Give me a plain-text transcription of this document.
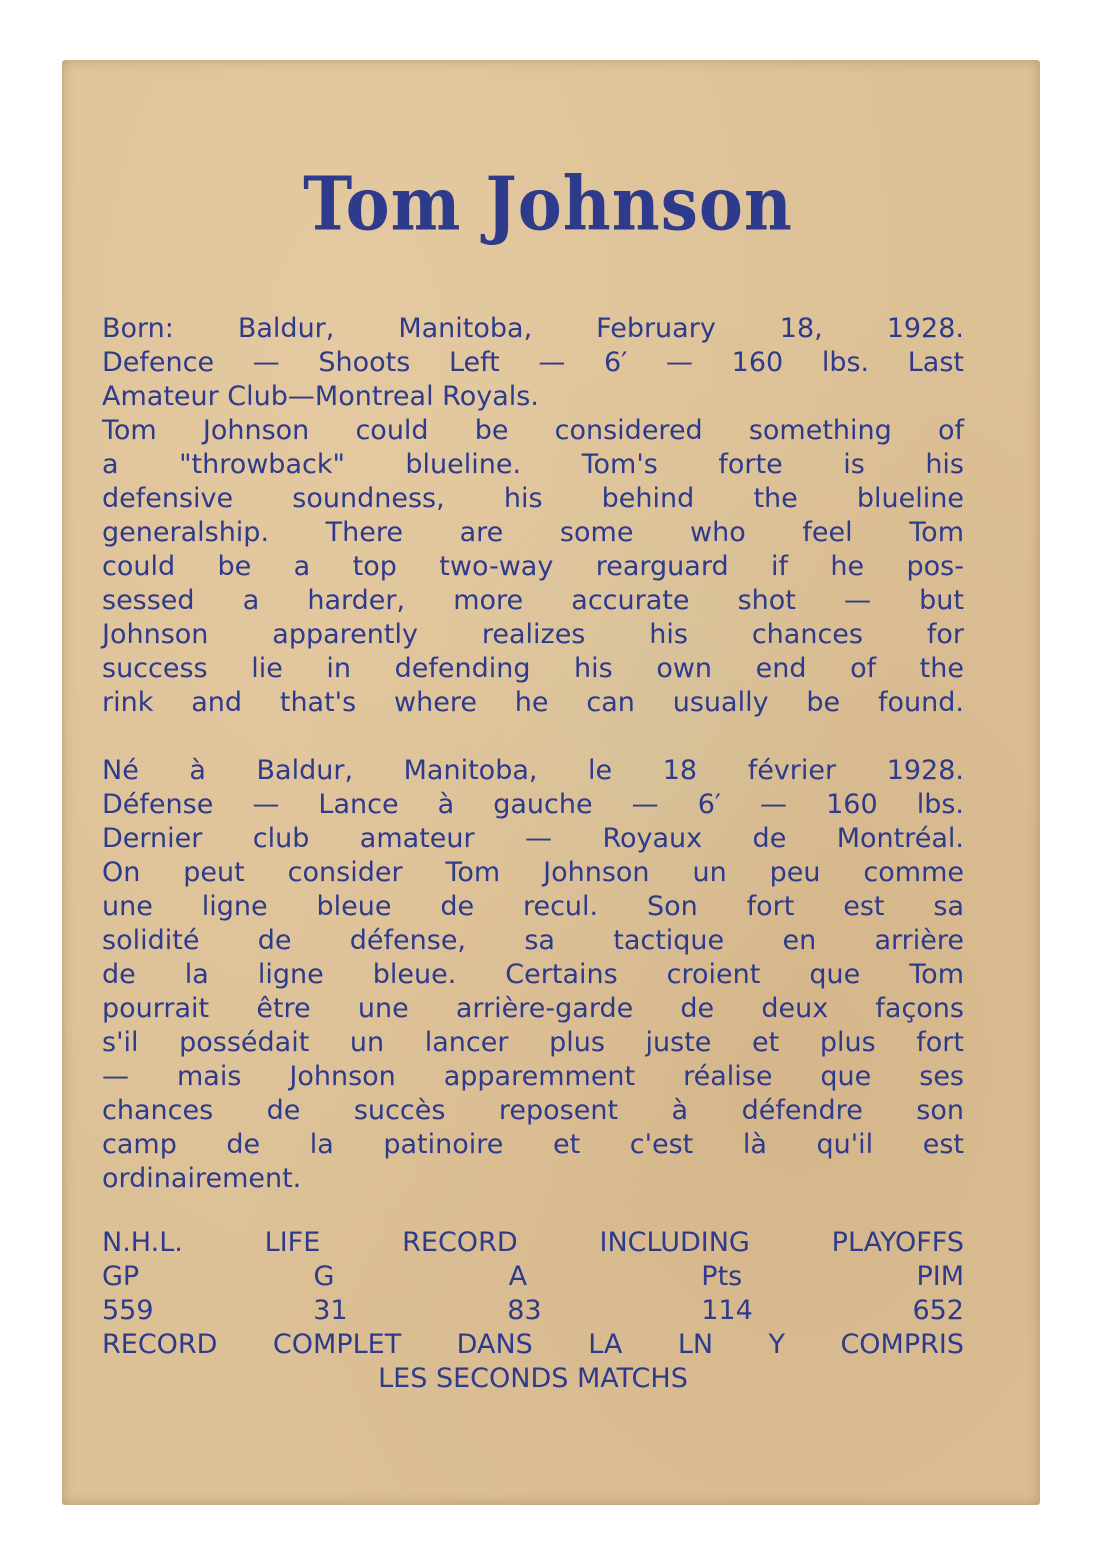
Tom Johnson
Born: Baldur, Manitoba, February 18, 1928.
Defence — Shoots Left — 6′ — 160 lbs. Last
Amateur Club—Montreal Royals.
Tom Johnson could be considered something of
a "throwback" blueline. Tom's forte is his
defensive soundness, his behind the blueline
generalship. There are some who feel Tom
could be a top two-way rearguard if he pos-
sessed a harder, more accurate shot — but
Johnson apparently realizes his chances for
success lie in defending his own end of the
rink and that's where he can usually be found.
Né à Baldur, Manitoba, le 18 février 1928.
Défense — Lance à gauche — 6′ — 160 lbs.
Dernier club amateur — Royaux de Montréal.
On peut consider Tom Johnson un peu comme
une ligne bleue de recul. Son fort est sa
solidité de défense, sa tactique en arrière
de la ligne bleue. Certains croient que Tom
pourrait être une arrière-garde de deux façons
s'il possédait un lancer plus juste et plus fort
— mais Johnson apparemment réalise que ses
chances de succès reposent à défendre son
camp de la patinoire et c'est là qu'il est
ordinairement.
N.H.L. LIFE RECORD INCLUDING PLAYOFFS
GP	G	A	Pts	PIM
559	31	83	114	652
RECORD COMPLET DANS LA LN Y COMPRIS
LES SECONDS MATCHS
